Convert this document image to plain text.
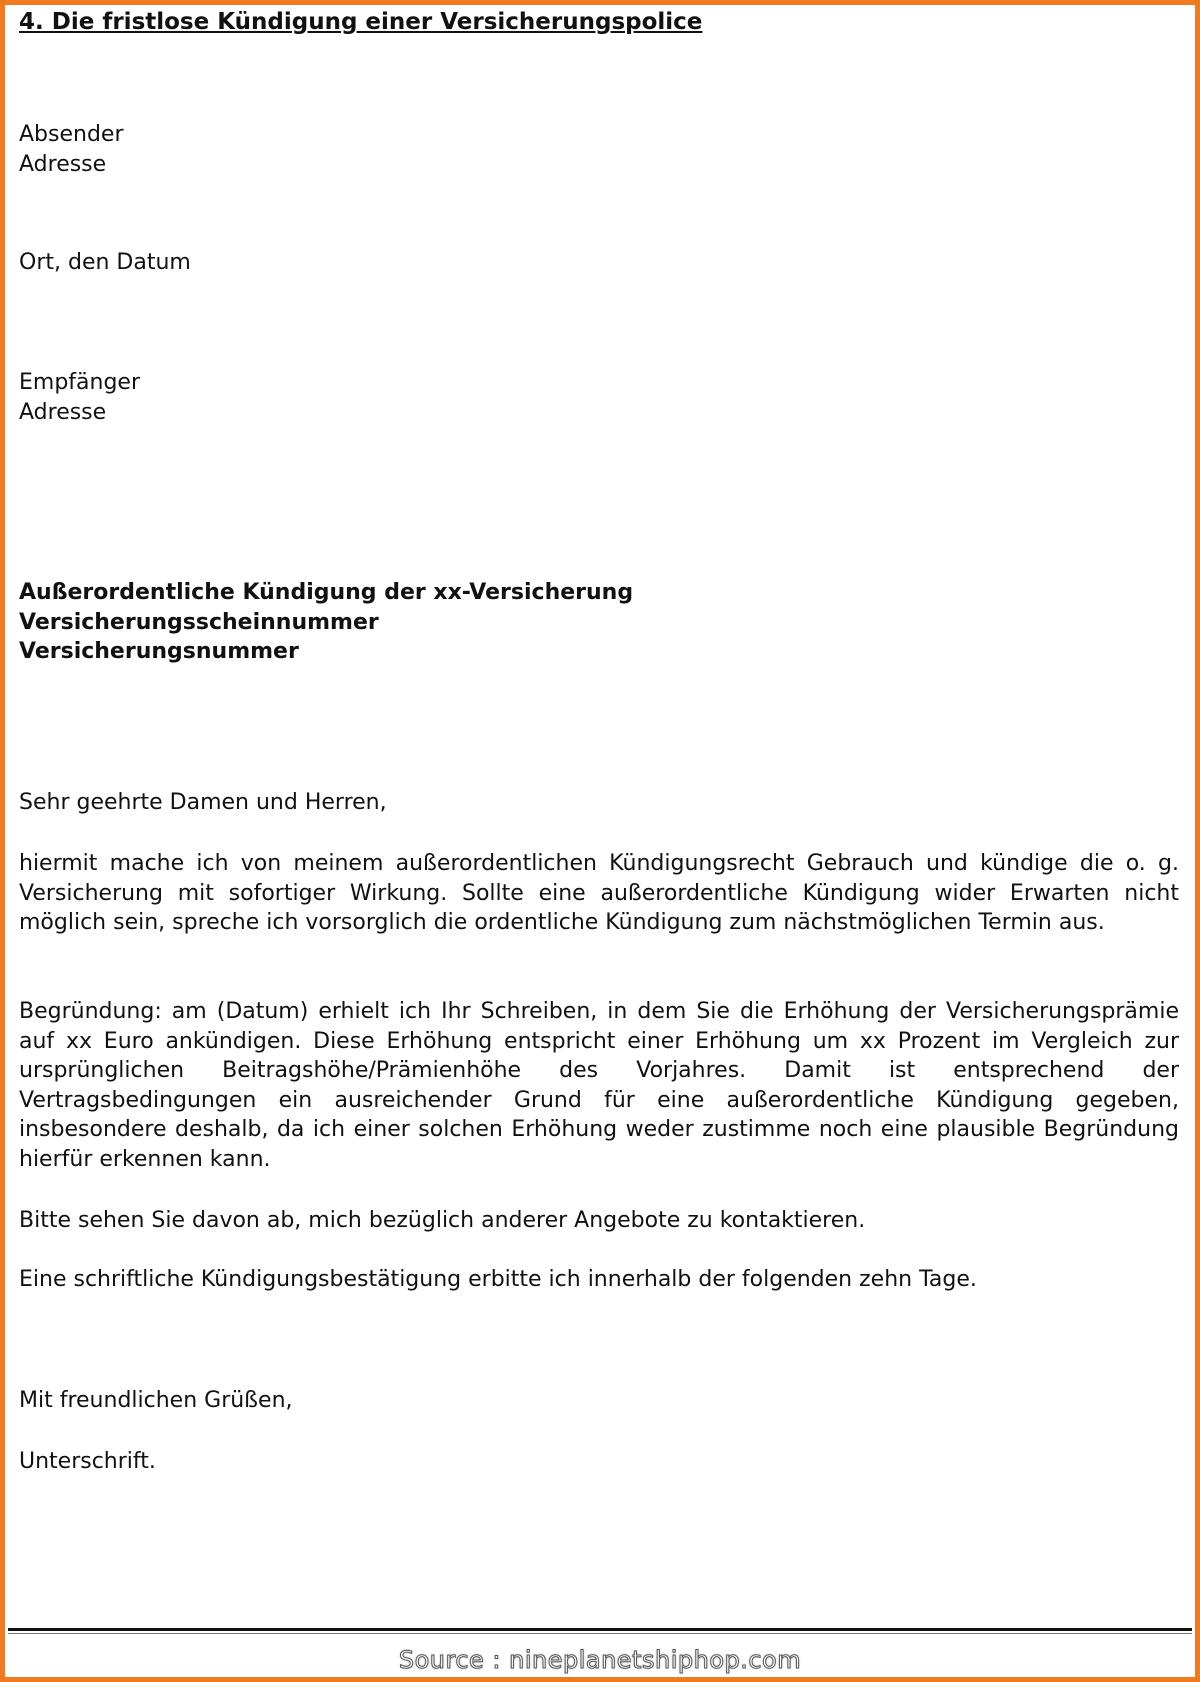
4. Die fristlose Kündigung einer Versicherungspolice
Absender
Adresse
Ort, den Datum
Empfänger
Adresse
Außerordentliche Kündigung der xx-Versicherung
Versicherungsscheinnummer
Versicherungsnummer
Sehr geehrte Damen und Herren,
hiermit mache ich von meinem außerordentlichen Kündigungsrecht Gebrauch und kündige die o. g. Versicherung mit sofortiger Wirkung. Sollte eine außerordentliche Kündigung wider Erwarten nicht möglich sein, spreche ich vorsorglich die ordentliche Kündigung zum nächstmöglichen Termin aus.
Begründung: am (Datum) erhielt ich Ihr Schreiben, in dem Sie die Erhöhung der Versicherungsprämie auf xx Euro ankündigen. Diese Erhöhung entspricht einer Erhöhung um xx Prozent im Vergleich zur ursprünglichen Beitragshöhe/Prämienhöhe des Vorjahres. Damit ist entsprechend der Vertragsbedingungen ein ausreichender Grund für eine außerordentliche Kündigung gegeben, insbesondere deshalb, da ich einer solchen Erhöhung weder zustimme noch eine plausible Begründung hierfür erkennen kann.
Bitte sehen Sie davon ab, mich bezüglich anderer Angebote zu kontaktieren.
Eine schriftliche Kündigungsbestätigung erbitte ich innerhalb der folgenden zehn Tage.
Mit freundlichen Grüßen,
Unterschrift.
Source : nineplanetshiphop.com
